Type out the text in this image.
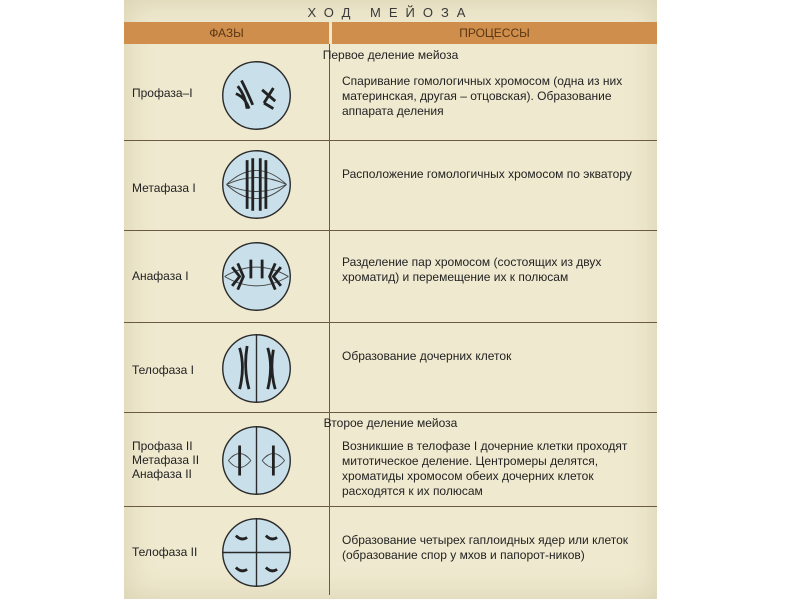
ХОД МЕЙОЗА
ФАЗЫ	ПРОЦЕССЫ
Первое деление мейоза
Профаза–I
Спаривание гомологичных хромосом (одна из них материнская, другая – отцовская). Образование аппарата деления
Метафаза I
Расположение гомологичных хромосом по экватору
Анафаза I
Разделение пар хромосом (состоящих из двух хроматид) и перемещение их к полюсам
Телофаза I
Образование дочерних клеток
Второе деление мейоза
Профаза II
Метафаза II
Анафаза II
Возникшие в телофазе I дочерние клетки проходят митотическое деление. Центромеры делятся, хроматиды хромосом обеих дочерних клеток расходятся к их полюсам
Телофаза II
Образование четырех гаплоидных ядер или клеток (образование спор у мхов и папорот-ников)
